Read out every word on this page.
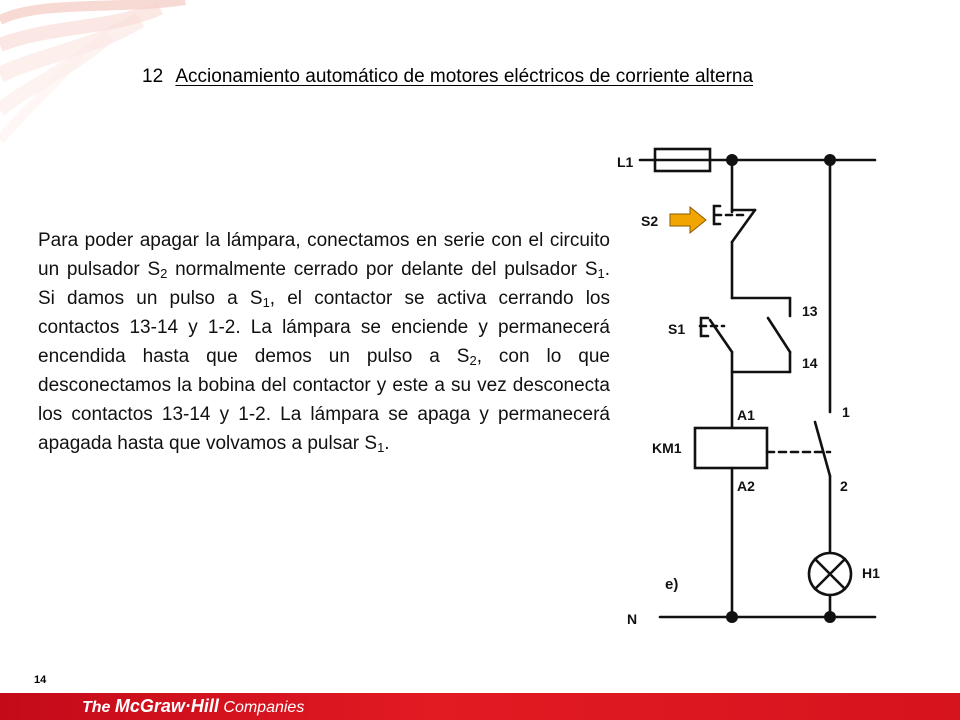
12 Accionamiento automático de motores eléctricos de corriente alterna
Para poder apagar la lámpara, conectamos en serie con el circuito un pulsador $S_2$ normalmente cerrado por delante del pulsador $S_1$. Si damos un pulso a $S_1$, el contactor se activa cerrando los contactos 13-14 y 1-2. La lámpara se enciende y permanecerá encendida hasta que demos un pulso a $S_2$, con lo que desconectamos la bobina del contactor y este a su vez desconecta los contactos 13-14 y 1-2. La lámpara se apaga y permanecerá apagada hasta que volvamos a pulsar $S_1$.
L1
S2
S1
13
14
A1
A2
KM1
1
2
H1
e)
N
14
The McGraw·Hill Companies
